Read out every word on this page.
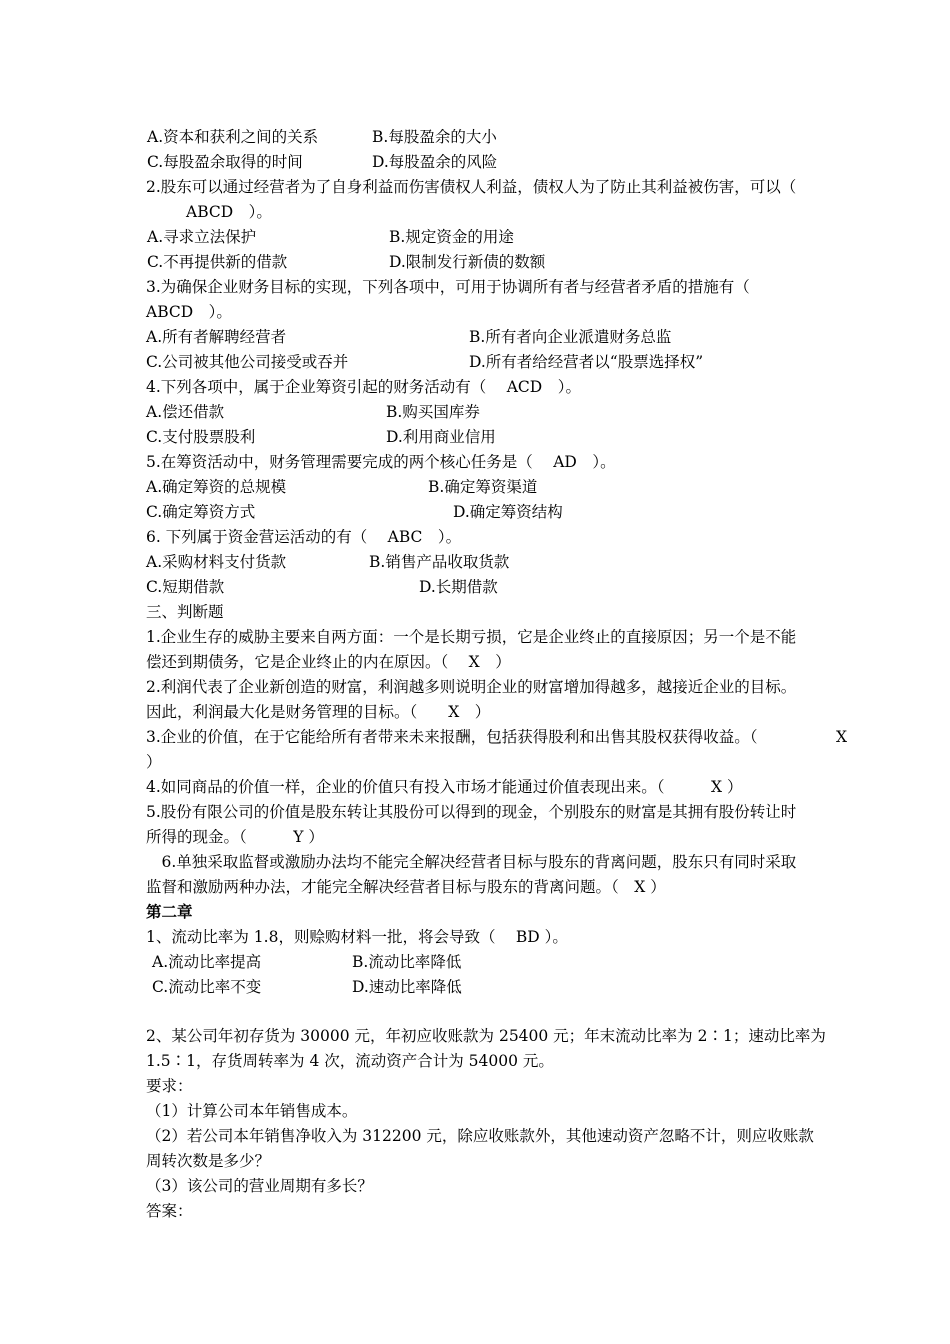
A.资本和获利之间的关系	B.每股盈余的大小
C.每股盈余取得的时间	D.每股盈余的风险
2.股东可以通过经营者为了自身利益而伤害债权人利益，债权人为了防止其利益被伤害，可以（
ABCD　）。
A.寻求立法保护	B.规定资金的用途
C.不再提供新的借款	D.限制发行新债的数额
3.为确保企业财务目标的实现，下列各项中，可用于协调所有者与经营者矛盾的措施有（
ABCD　）。
A.所有者解聘经营者	B.所有者向企业派遣财务总监
C.公司被其他公司接受或吞并	D.所有者给经营者以“股票选择权”
4.下列各项中，属于企业筹资引起的财务活动有（　 ACD　）。
A.偿还借款	B.购买国库券
C.支付股票股利	D.利用商业信用
5.在筹资活动中，财务管理需要完成的两个核心任务是（　 AD　）。
A.确定筹资的总规模	B.确定筹资渠道
C.确定筹资方式	D.确定筹资结构
6. 下列属于资金营运活动的有（　 ABC　）。
A.采购材料支付货款	B.销售产品收取货款
C.短期借款	D.长期借款
三、判断题
1.企业生存的威胁主要来自两方面：一个是长期亏损，它是企业终止的直接原因；另一个是不能
偿还到期债务，它是企业终止的内在原因。（　 X　）
2.利润代表了企业新创造的财富，利润越多则说明企业的财富增加得越多，越接近企业的目标。
因此，利润最大化是财务管理的目标。（　　X　）
3.企业的价值，在于它能给所有者带来未来报酬，包括获得股利和出售其股权获得收益。（	X
）
4.如同商品的价值一样，企业的价值只有投入市场才能通过价值表现出来。（　　　X ）
5.股份有限公司的价值是股东转让其股份可以得到的现金，个别股东的财富是其拥有股份转让时
所得的现金。（　　　Y ）
　6.单独采取监督或激励办法均不能完全解决经营者目标与股东的背离问题，股东只有同时采取
监督和激励两种办法，才能完全解决经营者目标与股东的背离问题。（　X ）
第二章
1、流动比率为 1.8，则赊购材料一批，将会导致（　 BD ）。
A.流动比率提高	B.流动比率降低
C.流动比率不变	D.速动比率降低
2、某公司年初存货为 30000 元，年初应收账款为 25400 元；年末流动比率为 2∶1；速动比率为
1.5∶1，存货周转率为 4 次，流动资产合计为 54000 元。
要求：
（1）计算公司本年销售成本。
（2）若公司本年销售净收入为 312200 元，除应收账款外，其他速动资产忽略不计，则应收账款
周转次数是多少？
（3）该公司的营业周期有多长？
答案：
